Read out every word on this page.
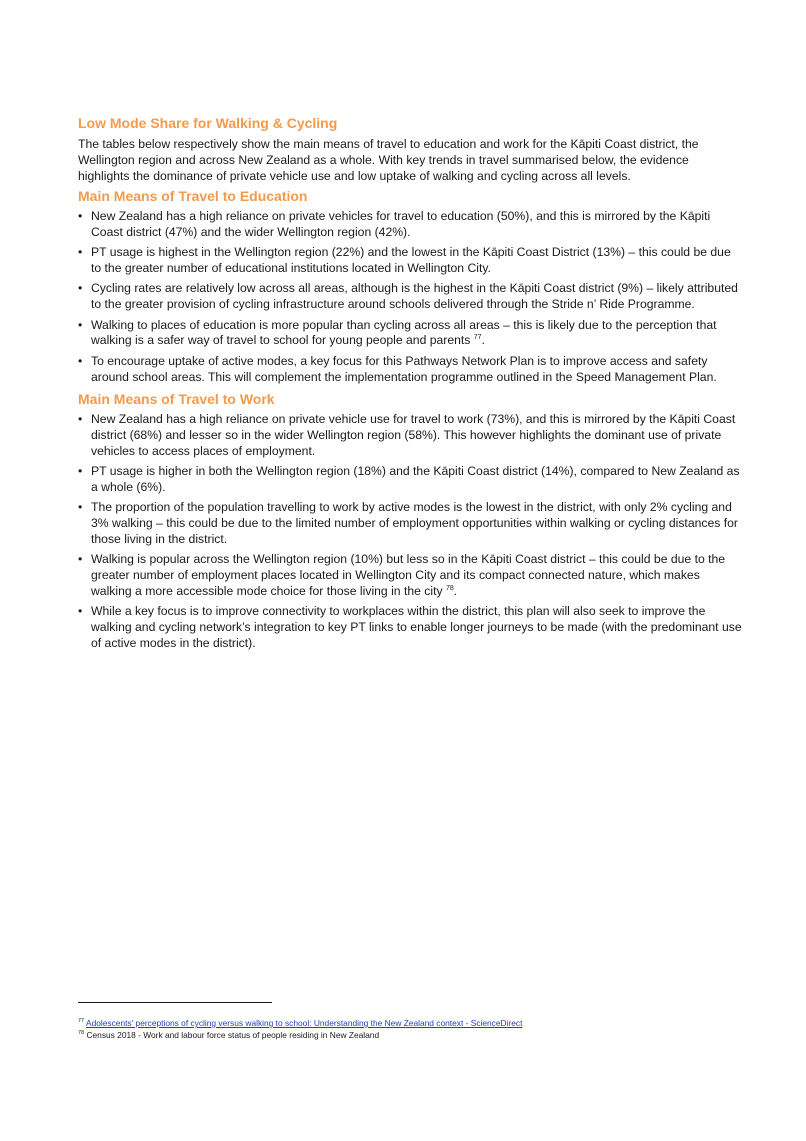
Low Mode Share for Walking & Cycling

The tables below respectively show the main means of travel to education and work for the Kāpiti Coast district, the Wellington region and across New Zealand as a whole. With key trends in travel summarised below, the evidence highlights the dominance of private vehicle use and low uptake of walking and cycling across all levels.

Main Means of Travel to Education
• New Zealand has a high reliance on private vehicles for travel to education (50%), and this is mirrored by the Kāpiti Coast district (47%) and the wider Wellington region (42%).
• PT usage is highest in the Wellington region (22%) and the lowest in the Kāpiti Coast District (13%) – this could be due to the greater number of educational institutions located in Wellington City.
• Cycling rates are relatively low across all areas, although is the highest in the Kāpiti Coast district (9%) – likely attributed to the greater provision of cycling infrastructure around schools delivered through the Stride n’ Ride Programme.
• Walking to places of education is more popular than cycling across all areas – this is likely due to the perception that walking is a safer way of travel to school for young people and parents $^{77}$.
• To encourage uptake of active modes, a key focus for this Pathways Network Plan is to improve access and safety around school areas. This will complement the implementation programme outlined in the Speed Management Plan.
Main Means of Travel to Work
• New Zealand has a high reliance on private vehicle use for travel to work (73%), and this is mirrored by the Kāpiti Coast district (68%) and lesser so in the wider Wellington region (58%). This however highlights the dominant use of private vehicles to access places of employment.
• PT usage is higher in both the Wellington region (18%) and the Kāpiti Coast district (14%), compared to New Zealand as a whole (6%).
• The proportion of the population travelling to work by active modes is the lowest in the district, with only 2% cycling and 3% walking – this could be due to the limited number of employment opportunities within walking or cycling distances for those living in the district.
• Walking is popular across the Wellington region (10%) but less so in the Kāpiti Coast district – this could be due to the greater number of employment places located in Wellington City and its compact connected nature, which makes walking a more accessible mode choice for those living in the city $^{78}$.
• While a key focus is to improve connectivity to workplaces within the district, this plan will also seek to improve the walking and cycling network’s integration to key PT links to enable longer journeys to be made (with the predominant use of active modes in the district).
$^{77}$ Adolescents' perceptions of cycling versus walking to school: Understanding the New Zealand context - ScienceDirect
$^{78}$ Census 2018 - Work and labour force status of people residing in New Zealand
